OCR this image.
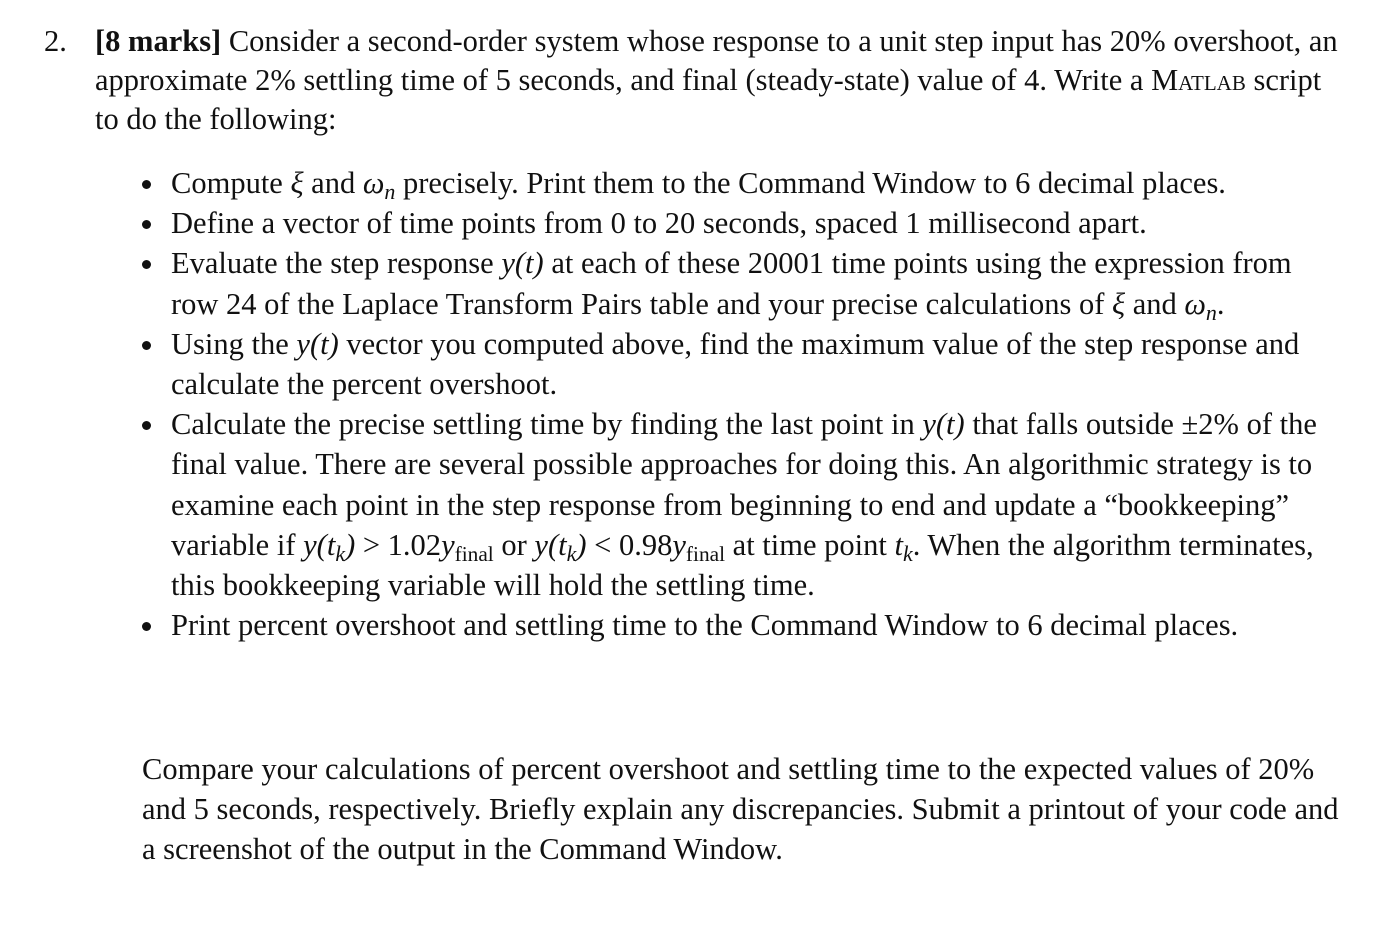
2. [8 marks] Consider a second-order system whose response to a unit step input has 20% overshoot, an approximate 2% settling time of 5 seconds, and final (steady-state) value of 4. Write a Matlab script to do the following:
Compute ξ and $\omega_n$ precisely. Print them to the Command Window to 6 decimal places.
Define a vector of time points from 0 to 20 seconds, spaced 1 millisecond apart.
Evaluate the step response y(t) at each of these 20001 time points using the expression from row 24 of the Laplace Transform Pairs table and your precise calculations of ξ and $\omega_n$.
Using the y(t) vector you computed above, find the maximum value of the step response and calculate the percent overshoot.
Calculate the precise settling time by finding the last point in y(t) that falls outside ±2% of the final value. There are several possible approaches for doing this. An algorithmic strategy is to examine each point in the step response from beginning to end and update a “bookkeeping” variable if $y(t_k)$ > 1.02yfinal or $y(t_k)$ < 0.98yfinal at time point $t_k$. When the algorithm terminates, this bookkeeping variable will hold the settling time.
Print percent overshoot and settling time to the Command Window to 6 decimal places.
Compare your calculations of percent overshoot and settling time to the expected values of 20% and 5 seconds, respectively. Briefly explain any discrepancies. Submit a printout of your code and a screenshot of the output in the Command Window.
